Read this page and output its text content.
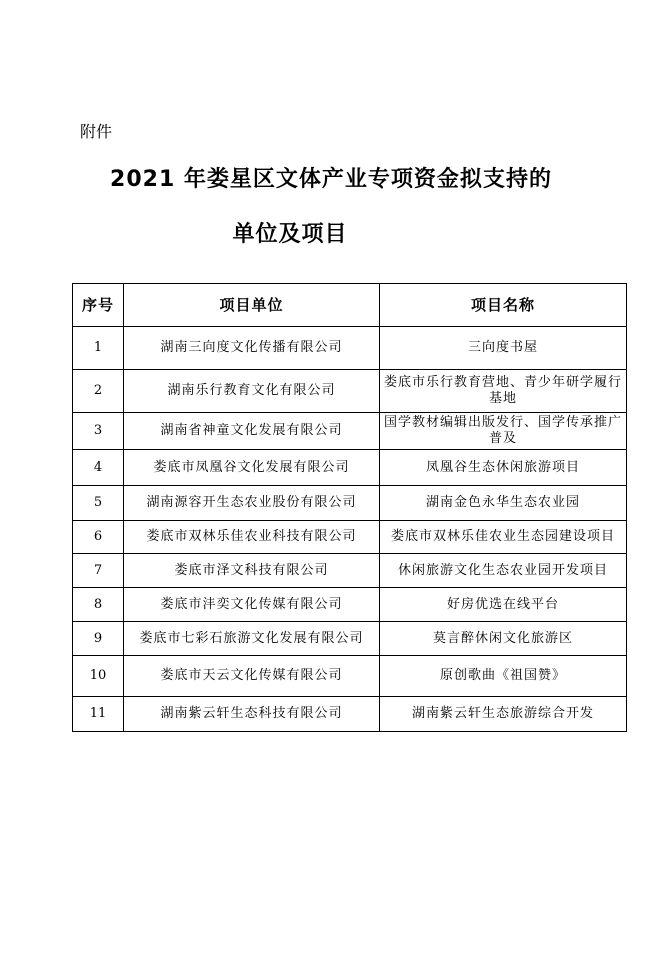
附件
2021 年娄星区文体产业专项资金拟支持的
单位及项目
序号	项目单位	项目名称
1	湖南三向度文化传播有限公司	三向度书屋
2	湖南乐行教育文化有限公司	娄底市乐行教育营地、青少年研学履行基地
3	湖南省神童文化发展有限公司	国学教材编辑出版发行、国学传承推广普及
4	娄底市凤凰谷文化发展有限公司	凤凰谷生态休闲旅游项目
5	湖南源容开生态农业股份有限公司	湖南金色永华生态农业园
6	娄底市双林乐佳农业科技有限公司	娄底市双林乐佳农业生态园建设项目
7	娄底市泽文科技有限公司	休闲旅游文化生态农业园开发项目
8	娄底市沣奕文化传媒有限公司	好房优选在线平台
9	娄底市七彩石旅游文化发展有限公司	莫言醉休闲文化旅游区
10	娄底市天云文化传媒有限公司	原创歌曲《祖国赞》
11	湖南紫云轩生态科技有限公司	湖南紫云轩生态旅游综合开发
